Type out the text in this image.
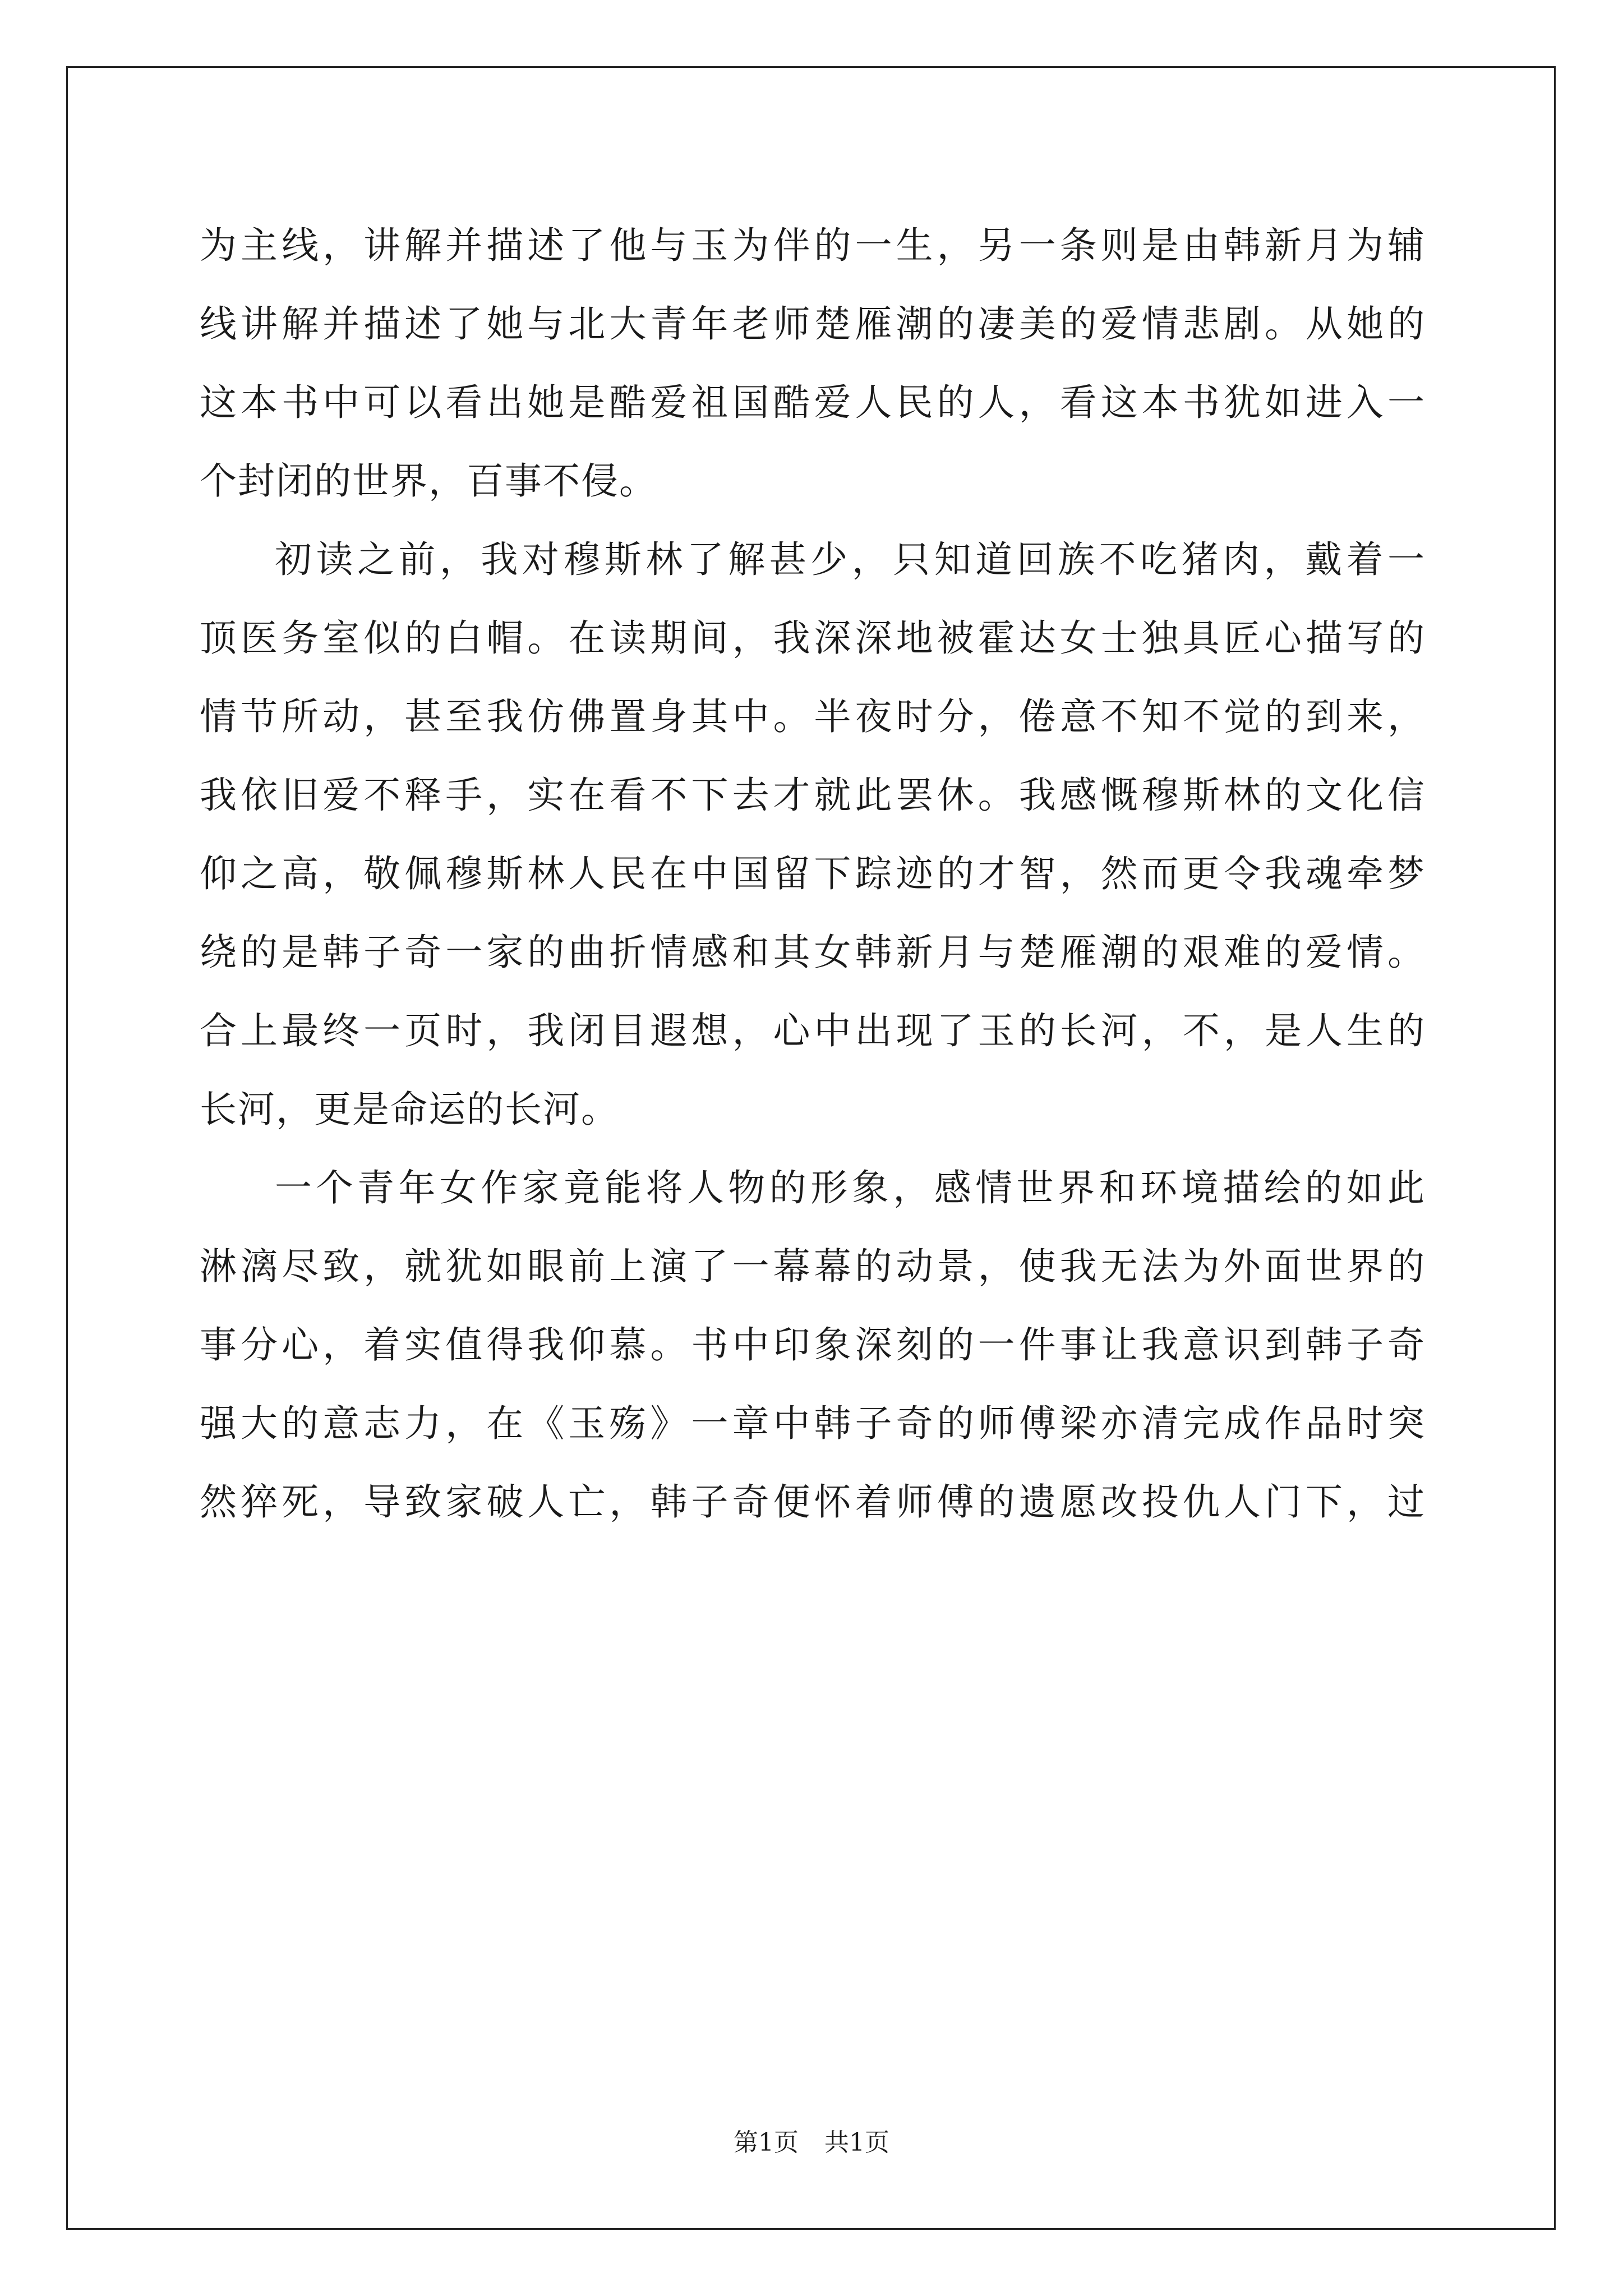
为主线，讲解并描述了他与玉为伴的一生，另一条则是由韩新月为辅
线讲解并描述了她与北大青年老师楚雁潮的凄美的爱情悲剧。从她的
这本书中可以看出她是酷爱祖国酷爱人民的人，看这本书犹如进入一
个封闭的世界，百事不侵。
初读之前，我对穆斯林了解甚少，只知道回族不吃猪肉，戴着一
顶医务室似的白帽。在读期间，我深深地被霍达女士独具匠心描写的
情节所动，甚至我仿佛置身其中。半夜时分，倦意不知不觉的到来，
我依旧爱不释手，实在看不下去才就此罢休。我感慨穆斯林的文化信
仰之高，敬佩穆斯林人民在中国留下踪迹的才智，然而更令我魂牵梦
绕的是韩子奇一家的曲折情感和其女韩新月与楚雁潮的艰难的爱情。
合上最终一页时，我闭目遐想，心中出现了玉的长河，不，是人生的
长河，更是命运的长河。
一个青年女作家竟能将人物的形象，感情世界和环境描绘的如此
淋漓尽致，就犹如眼前上演了一幕幕的动景，使我无法为外面世界的
事分心，着实值得我仰慕。书中印象深刻的一件事让我意识到韩子奇
强大的意志力，在《玉殇》一章中韩子奇的师傅梁亦清完成作品时突
然猝死，导致家破人亡，韩子奇便怀着师傅的遗愿改投仇人门下，过
第1页 共1页
